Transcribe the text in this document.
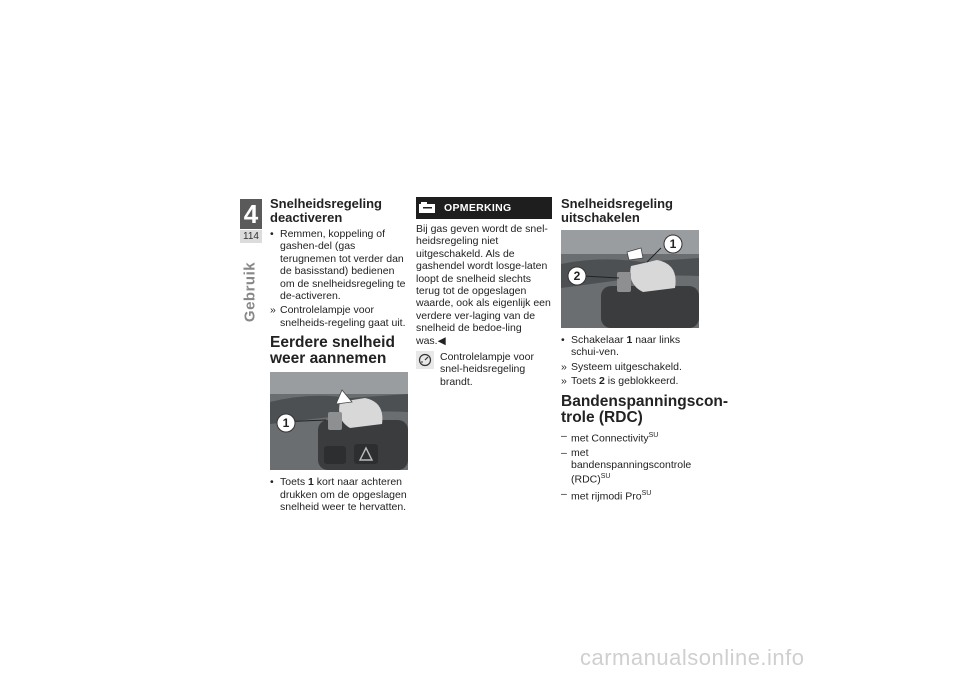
4
114
Gebruik
Snelheidsregeling deactiveren
• Remmen, koppeling of gashen-del (gas terugnemen tot verder dan de basisstand) bedienen om de snelheidsregeling te de-activeren.
» Controlelampje voor snelheids-regeling gaat uit.
Eerdere snelheid weer aannemen
1
• Toets 1 kort naar achteren drukken om de opgeslagen snelheid weer te hervatten.
OPMERKING

Bij gas geven wordt de snel-heidsregeling niet uitgeschakeld. Als de gashendel wordt losge-laten loopt de snelheid slechts terug tot de opgeslagen waarde, ook als eigenlijk een verdere ver-laging van de snelheid de bedoe-ling was.◀

Controlelampje voor snel-heidsregeling brandt.
Snelheidsregeling uitschakelen
1
2
• Schakelaar 1 naar links schui-ven.
» Systeem uitgeschakeld.
» Toets 2 is geblokkeerd.
Bandenspanningscon-trole (RDC)
– met Connectivity$^{SU}$
– met bandenspanningscontrole (RDC)$^{SU}$
– met rijmodi Pro$^{SU}$
carmanualsonline.info
